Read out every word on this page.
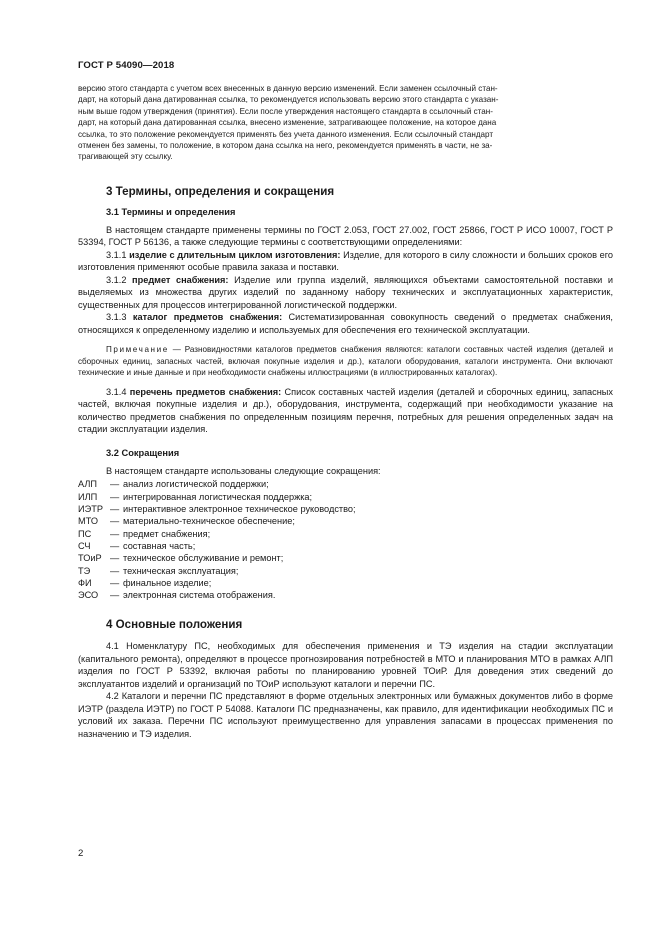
ГОСТ Р 54090—2018
версию этого стандарта с учетом всех внесенных в данную версию изменений. Если заменен ссылочный стан-
дарт, на который дана датированная ссылка, то рекомендуется использовать версию этого стандарта с указан-
ным выше годом утверждения (принятия). Если после утверждения настоящего стандарта в ссылочный стан-
дарт, на который дана датированная ссылка, внесено изменение, затрагивающее положение, на которое дана
ссылка, то это положение рекомендуется применять без учета данного изменения. Если ссылочный стандарт
отменен без замены, то положение, в котором дана ссылка на него, рекомендуется применять в части, не за-
трагивающей эту ссылку.
3 Термины, определения и сокращения
3.1 Термины и определения

В настоящем стандарте применены термины по ГОСТ 2.053, ГОСТ 27.002, ГОСТ 25866, ГОСТ Р ИСО 10007, ГОСТ Р 53394, ГОСТ Р 56136, а также следующие термины с соответствующими определениями:

3.1.1 изделие с длительным циклом изготовления: Изделие, для которого в силу сложности и больших сроков его изготовления применяют особые правила заказа и поставки.

3.1.2 предмет снабжения: Изделие или группа изделий, являющихся объектами самостоятельной поставки и выделяемых из множества других изделий по заданному набору технических и эксплуатационных характеристик, существенных для процессов интегрированной логистической поддержки.

3.1.3 каталог предметов снабжения: Систематизированная совокупность сведений о предметах снабжения, относящихся к определенному изделию и используемых для обеспечения его технической эксплуатации.

Примечание — Разновидностями каталогов предметов снабжения являются: каталоги составных частей изделия (деталей и сборочных единиц, запасных частей, включая покупные изделия и др.), каталоги оборудования, каталоги инструмента. Они включают технические и иные данные и при необходимости снабжены иллюстрациями (в иллюстрированных каталогах).

3.1.4 перечень предметов снабжения: Список составных частей изделия (деталей и сборочных единиц, запасных частей, включая покупные изделия и др.), оборудования, инструмента, содержащий при необходимости указание на количество предметов снабжения по определенным позициям перечня, потребных для решения определенных задач на стадии эксплуатации изделия.

3.2 Сокращения

В настоящем стандарте использованы следующие сокращения:

АЛП	— анализ логистической поддержки;
ИЛП	— интегрированная логистическая поддержка;
ИЭТР — интерактивное электронное техническое руководство;
МТО	— материально-техническое обеспечение;
ПС	— предмет снабжения;
СЧ	— составная часть;
ТОиР — техническое обслуживание и ремонт;
ТЭ	— техническая эксплуатация;
ФИ	— финальное изделие;
ЭСО	— электронная система отображения.
4 Основные положения

4.1 Номенклатуру ПС, необходимых для обеспечения применения и ТЭ изделия на стадии эксплуатации (капитального ремонта), определяют в процессе прогнозирования потребностей в МТО и планирования МТО в рамках АЛП изделия по ГОСТ Р 53392, включая работы по планированию уровней ТОиР. Для доведения этих сведений до эксплуатантов изделий и организаций по ТОиР используют каталоги и перечни ПС.

4.2 Каталоги и перечни ПС представляют в форме отдельных электронных или бумажных документов либо в форме ИЭТР (раздела ИЭТР) по ГОСТ Р 54088. Каталоги ПС предназначены, как правило, для идентификации необходимых ПС и условий их заказа. Перечни ПС используют преимущественно для управления запасами в процессах применения по назначению и ТЭ изделия.

2
